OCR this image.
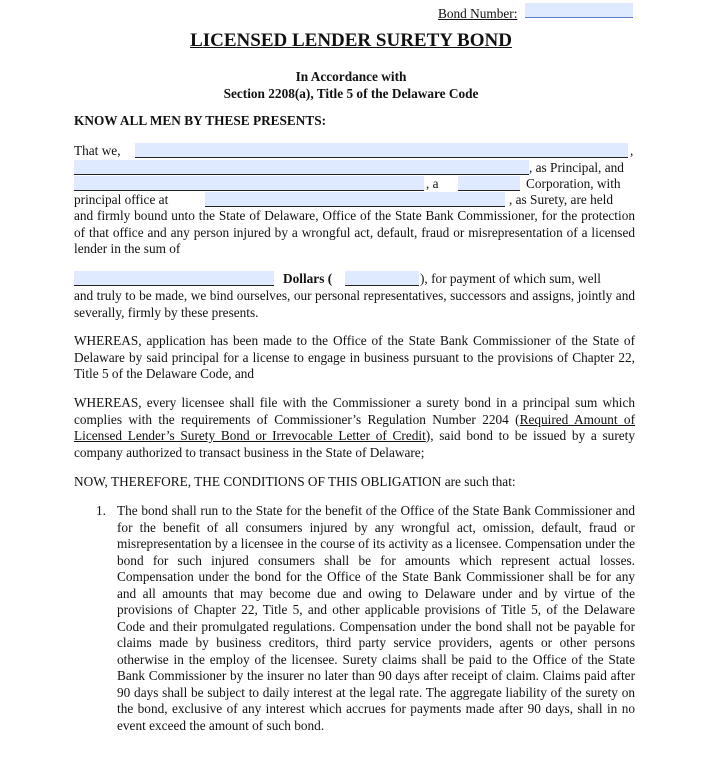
Bond Number:
LICENSED LENDER SURETY BOND
In Accordance with
Section 2208(a), Title 5 of the Delaware Code
KNOW ALL MEN BY THESE PRESENTS:
That we,	,
, as Principal, and
, a	Corporation, with
principal office at	, as Surety, are held
and firmly bound unto the State of Delaware, Office of the State Bank Commissioner, for the protection of that office and any person injured by a wrongful act, default, fraud or misrepresentation of a licensed lender in the sum of
Dollars (	), for payment of which sum, well
and truly to be made, we bind ourselves, our personal representatives, successors and assigns, jointly and severally, firmly by these presents.
WHEREAS, application has been made to the Office of the State Bank Commissioner of the State of Delaware by said principal for a license to engage in business pursuant to the provisions of Chapter 22, Title 5 of the Delaware Code, and
WHEREAS, every licensee shall file with the Commissioner a surety bond in a principal sum which complies with the requirements of Commissioner’s Regulation Number 2204 (Required Amount of Licensed Lender’s Surety Bond or Irrevocable Letter of Credit), said bond to be issued by a surety company authorized to transact business in the State of Delaware;
NOW, THEREFORE, THE CONDITIONS OF THIS OBLIGATION are such that:
1. The bond shall run to the State for the benefit of the Office of the State Bank Commissioner and for the benefit of all consumers injured by any wrongful act, omission, default, fraud or misrepresentation by a licensee in the course of its activity as a licensee. Compensation under the bond for such injured consumers shall be for amounts which represent actual losses. Compensation under the bond for the Office of the State Bank Commissioner shall be for any and all amounts that may become due and owing to Delaware under and by virtue of the provisions of Chapter 22, Title 5, and other applicable provisions of Title 5, of the Delaware Code and their promulgated regulations. Compensation under the bond shall not be payable for claims made by business creditors, third party service providers, agents or other persons otherwise in the employ of the licensee. Surety claims shall be paid to the Office of the State Bank Commissioner by the insurer no later than 90 days after receipt of claim. Claims paid after 90 days shall be subject to daily interest at the legal rate. The aggregate liability of the surety on the bond, exclusive of any interest which accrues for payments made after 90 days, shall in no event exceed the amount of such bond.
